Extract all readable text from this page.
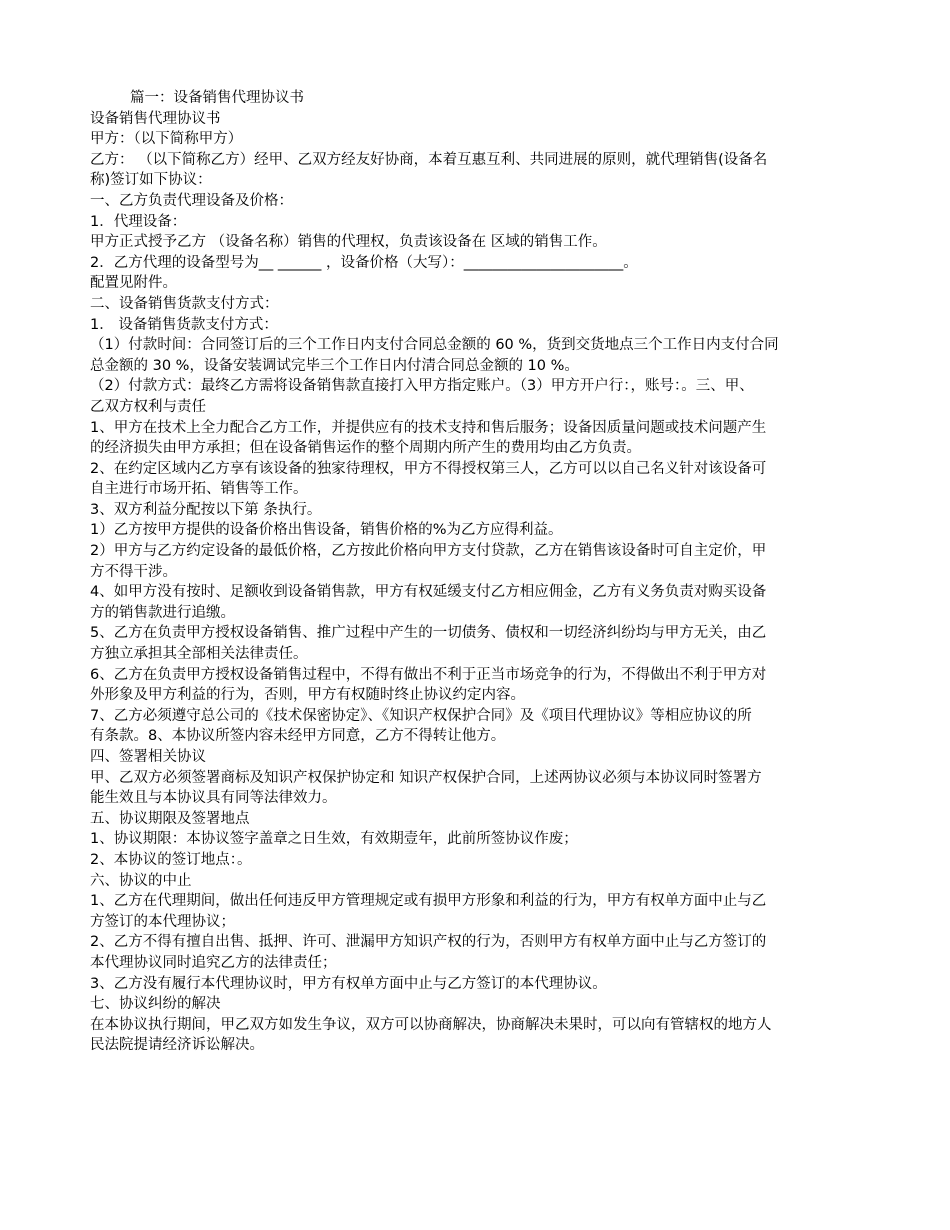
篇一：设备销售代理协议书
设备销售代理协议书
甲方：（以下简称甲方）
乙方： （以下简称乙方）经甲、乙双方经友好协商，本着互惠互利、共同进展的原则，就代理销售(设备名
称)签订如下协议：
一、乙方负责代理设备及价格：
1．代理设备：
甲方正式授予乙方 （设备名称）销售的代理权，负责该设备在 区域的销售工作。
2．乙方代理的设备型号为__ ______ ，设备价格（大写）：______________________。
配置见附件。
二、设备销售货款支付方式：
1． 设备销售货款支付方式：
（1）付款时间：合同签订后的三个工作日内支付合同总金额的 60 %，货到交货地点三个工作日内支付合同
总金额的 30 %，设备安装调试完毕三个工作日内付清合同总金额的 10 %。
（2）付款方式：最终乙方需将设备销售款直接打入甲方指定账户。（3）甲方开户行：，账号：。三、甲、
乙双方权利与责任
1、甲方在技术上全力配合乙方工作，并提供应有的技术支持和售后服务；设备因质量问题或技术问题产生
的经济损失由甲方承担；但在设备销售运作的整个周期内所产生的费用均由乙方负责。
2、在约定区域内乙方享有该设备的独家待理权，甲方不得授权第三人，乙方可以以自己名义针对该设备可
自主进行市场开拓、销售等工作。
3、双方利益分配按以下第 条执行。
1）乙方按甲方提供的设备价格出售设备，销售价格的%为乙方应得利益。
2）甲方与乙方约定设备的最低价格，乙方按此价格向甲方支付贷款，乙方在销售该设备时可自主定价，甲
方不得干涉。
4、如甲方没有按时、足额收到设备销售款，甲方有权延缓支付乙方相应佣金，乙方有义务负责对购买设备
方的销售款进行追缴。
5、乙方在负责甲方授权设备销售、推广过程中产生的一切债务、债权和一切经济纠纷均与甲方无关，由乙
方独立承担其全部相关法律责任。
6、乙方在负责甲方授权设备销售过程中，不得有做出不利于正当市场竞争的行为，不得做出不利于甲方对
外形象及甲方利益的行为，否则，甲方有权随时终止协议约定内容。
7、乙方必须遵守总公司的《技术保密协定》、《知识产权保护合同》及《项目代理协议》等相应协议的所
有条款。8、本协议所签内容未经甲方同意，乙方不得转让他方。
四、签署相关协议
甲、乙双方必须签署商标及知识产权保护协定和 知识产权保护合同，上述两协议必须与本协议同时签署方
能生效且与本协议具有同等法律效力。
五、协议期限及签署地点
1、协议期限：本协议签字盖章之日生效，有效期壹年，此前所签协议作废；
2、本协议的签订地点：。
六、协议的中止
1、乙方在代理期间，做出任何违反甲方管理规定或有损甲方形象和利益的行为，甲方有权单方面中止与乙
方签订的本代理协议；
2、乙方不得有擅自出售、抵押、许可、泄漏甲方知识产权的行为，否则甲方有权单方面中止与乙方签订的
本代理协议同时追究乙方的法律责任；
3、乙方没有履行本代理协议时，甲方有权单方面中止与乙方签订的本代理协议。
七、协议纠纷的解决
在本协议执行期间，甲乙双方如发生争议，双方可以协商解决，协商解决未果时，可以向有管辖权的地方人
民法院提请经济诉讼解决。
